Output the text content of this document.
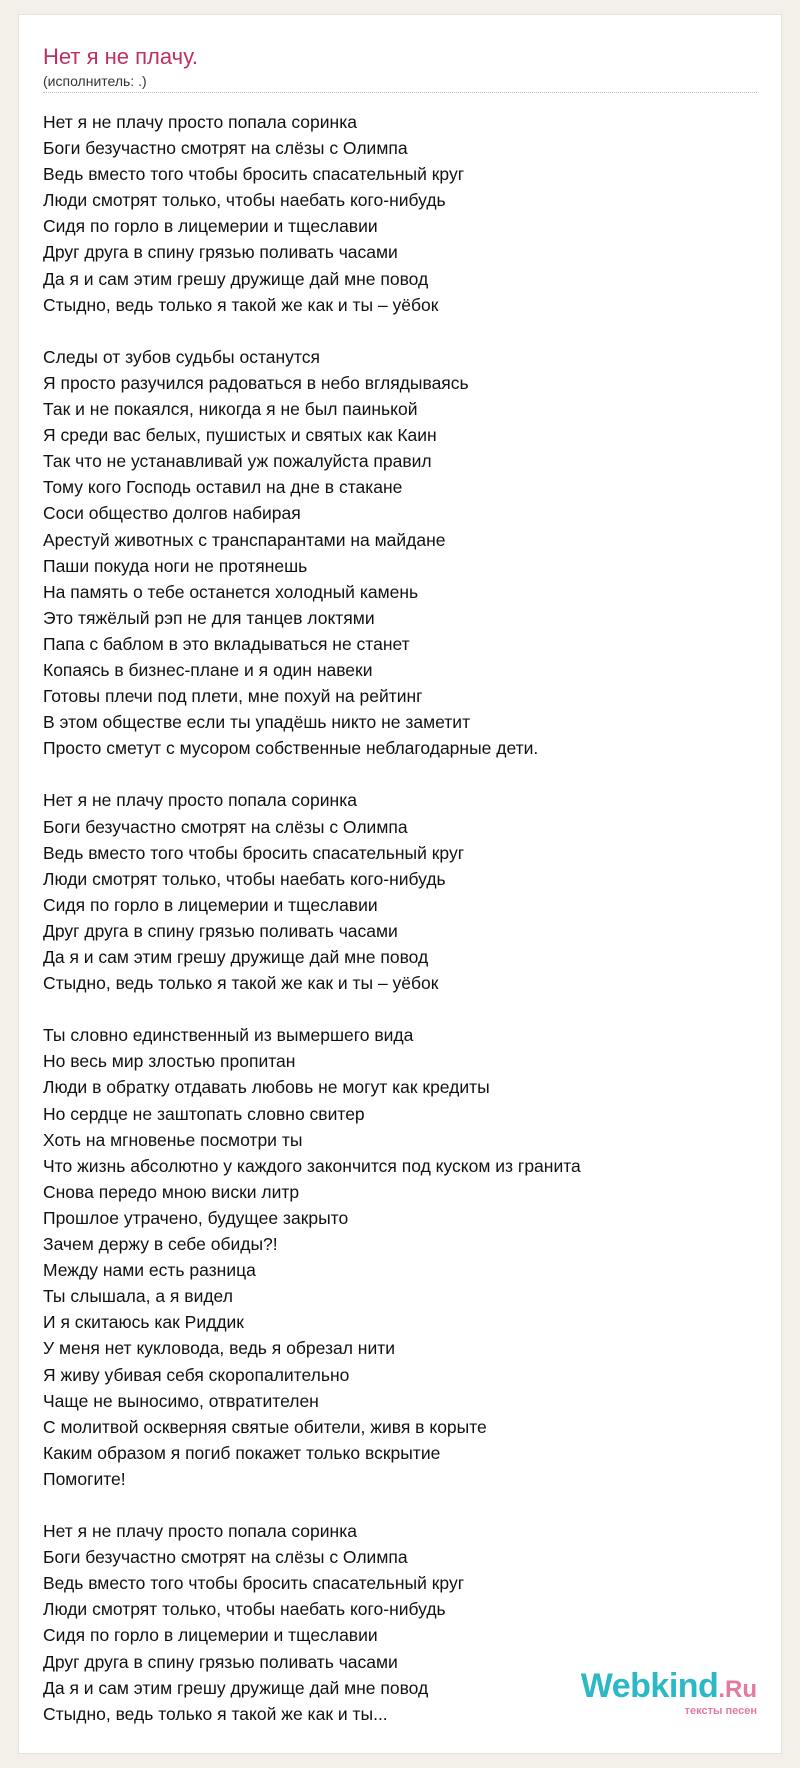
Нет я не плачу.
(исполнитель: .)
Нет я не плачу просто попала соринка
Боги безучастно смотрят на слёзы с Олимпа
Ведь вместо того чтобы бросить спасательный круг
Люди смотрят только, чтобы наебать кого-нибудь
Сидя по горло в лицемерии и тщеславии
Друг друга в спину грязью поливать часами
Да я и сам этим грешу дружище дай мне повод
Стыдно, ведь только я такой же как и ты – уёбок
Следы от зубов судьбы останутся
Я просто разучился радоваться в небо вглядываясь
Так и не покаялся, никогда я не был паинькой
Я среди вас белых, пушистых и святых как Каин
Так что не устанавливай уж пожалуйста правил
Тому кого Господь оставил на дне в стакане
Соси общество долгов набирая
Арестуй животных с транспарантами на майдане
Паши покуда ноги не протянешь
На память о тебе останется холодный камень
Это тяжёлый рэп не для танцев локтями
Папа с баблом в это вкладываться не станет
Копаясь в бизнес-плане и я один навеки
Готовы плечи под плети, мне похуй на рейтинг
В этом обществе если ты упадёшь никто не заметит
Просто сметут с мусором собственные неблагодарные дети.
Нет я не плачу просто попала соринка
Боги безучастно смотрят на слёзы с Олимпа
Ведь вместо того чтобы бросить спасательный круг
Люди смотрят только, чтобы наебать кого-нибудь
Сидя по горло в лицемерии и тщеславии
Друг друга в спину грязью поливать часами
Да я и сам этим грешу дружище дай мне повод
Стыдно, ведь только я такой же как и ты – уёбок
Ты словно единственный из вымершего вида
Но весь мир злостью пропитан
Люди в обратку отдавать любовь не могут как кредиты
Но сердце не заштопать словно свитер
Хоть на мгновенье посмотри ты
Что жизнь абсолютно у каждого закончится под куском из гранита
Снова передо мною виски литр
Прошлое утрачено, будущее закрыто
Зачем держу в себе обиды?!
Между нами есть разница
Ты слышала, а я видел
И я скитаюсь как Риддик
У меня нет кукловода, ведь я обрезал нити
Я живу убивая себя скоропалительно
Чаще не выносимо, отвратителен
С молитвой оскверняя святые обители, живя в корыте
Каким образом я погиб покажет только вскрытие
Помогите!
Нет я не плачу просто попала соринка
Боги безучастно смотрят на слёзы с Олимпа
Ведь вместо того чтобы бросить спасательный круг
Люди смотрят только, чтобы наебать кого-нибудь
Сидя по горло в лицемерии и тщеславии
Друг друга в спину грязью поливать часами
Да я и сам этим грешу дружище дай мне повод
Стыдно, ведь только я такой же как и ты...
Webkind.Ru
тексты песен
